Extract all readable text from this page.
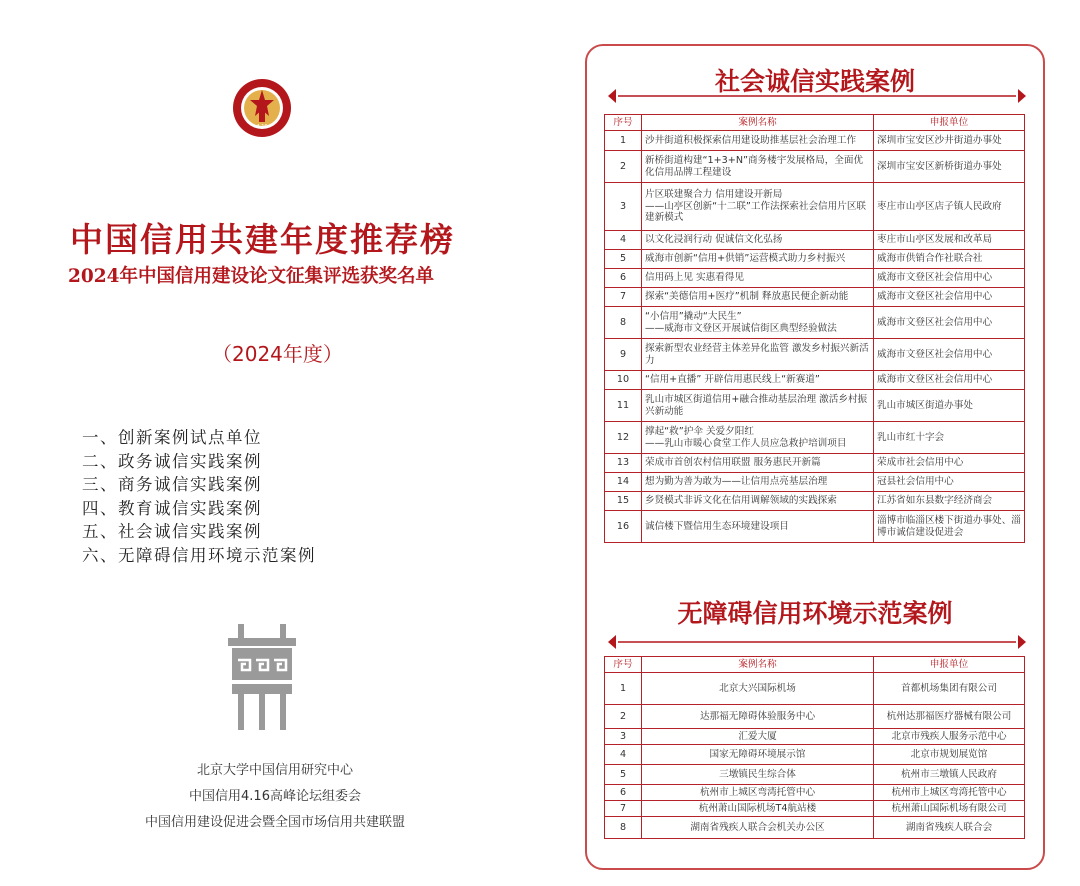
4.16
中国信用共建年度推荐榜
2024年中国信用建设论文征集评选获奖名单
（2024年度）
一、创新案例试点单位
二、政务诚信实践案例
三、商务诚信实践案例
四、教育诚信实践案例
五、社会诚信实践案例
六、无障碍信用环境示范案例
北京大学中国信用研究中心
中国信用4.16高峰论坛组委会
中国信用建设促进会暨全国市场信用共建联盟
社会诚信实践案例
无障碍信用环境示范案例
序号	案例名称	申报单位
1	沙井街道积极探索信用建设助推基层社会治理工作	深圳市宝安区沙井街道办事处
2	新桥街道构建“1+3+N”商务楼宇发展格局，全面优化信用品牌工程建设	深圳市宝安区新桥街道办事处
3	片区联建聚合力 信用建设开新局
——山亭区创新“十二联”工作法探索社会信用片区联建新模式	枣庄市山亭区店子镇人民政府
4	以文化浸润行动 促诚信文化弘扬	枣庄市山亭区发展和改革局
5	威海市创新“信用+供销”运营模式助力乡村振兴	威海市供销合作社联合社
6	信用码上见 实惠看得见	威海市文登区社会信用中心
7	探索“美德信用+医疗”机制 释放惠民便企新动能	威海市文登区社会信用中心
8	“小信用”撬动“大民生”
——威海市文登区开展诚信街区典型经验做法	威海市文登区社会信用中心
9	探索新型农业经营主体差异化监管 激发乡村振兴新活力	威海市文登区社会信用中心
10	“信用+直播” 开辟信用惠民线上“新赛道”	威海市文登区社会信用中心
11	乳山市城区街道信用+融合推动基层治理 激活乡村振兴新动能	乳山市城区街道办事处
12	撑起“救”护伞 关爱夕阳红
——乳山市暖心食堂工作人员应急救护培训项目	乳山市红十字会
13	荣成市首创农村信用联盟 服务惠民开新篇	荣成市社会信用中心
14	想为勤为善为敢为——让信用点亮基层治理	冠县社会信用中心
15	乡贤模式非诉文化在信用调解领域的实践探索	江苏省如东县数字经济商会
16	诚信楼下暨信用生态环境建设项目	淄博市临淄区楼下街道办事处、淄博市诚信建设促进会
序号	案例名称	申报单位
1	北京大兴国际机场	首都机场集团有限公司
2	达那福无障碍体验服务中心	杭州达那福医疗器械有限公司
3	汇爱大厦	北京市残疾人服务示范中心
4	国家无障碍环境展示馆	北京市规划展览馆
5	三墩镇民生综合体	杭州市三墩镇人民政府
6	杭州市上城区弯湾托管中心	杭州市上城区弯湾托管中心
7	杭州萧山国际机场T4航站楼	杭州萧山国际机场有限公司
8	湖南省残疾人联合会机关办公区	湖南省残疾人联合会
